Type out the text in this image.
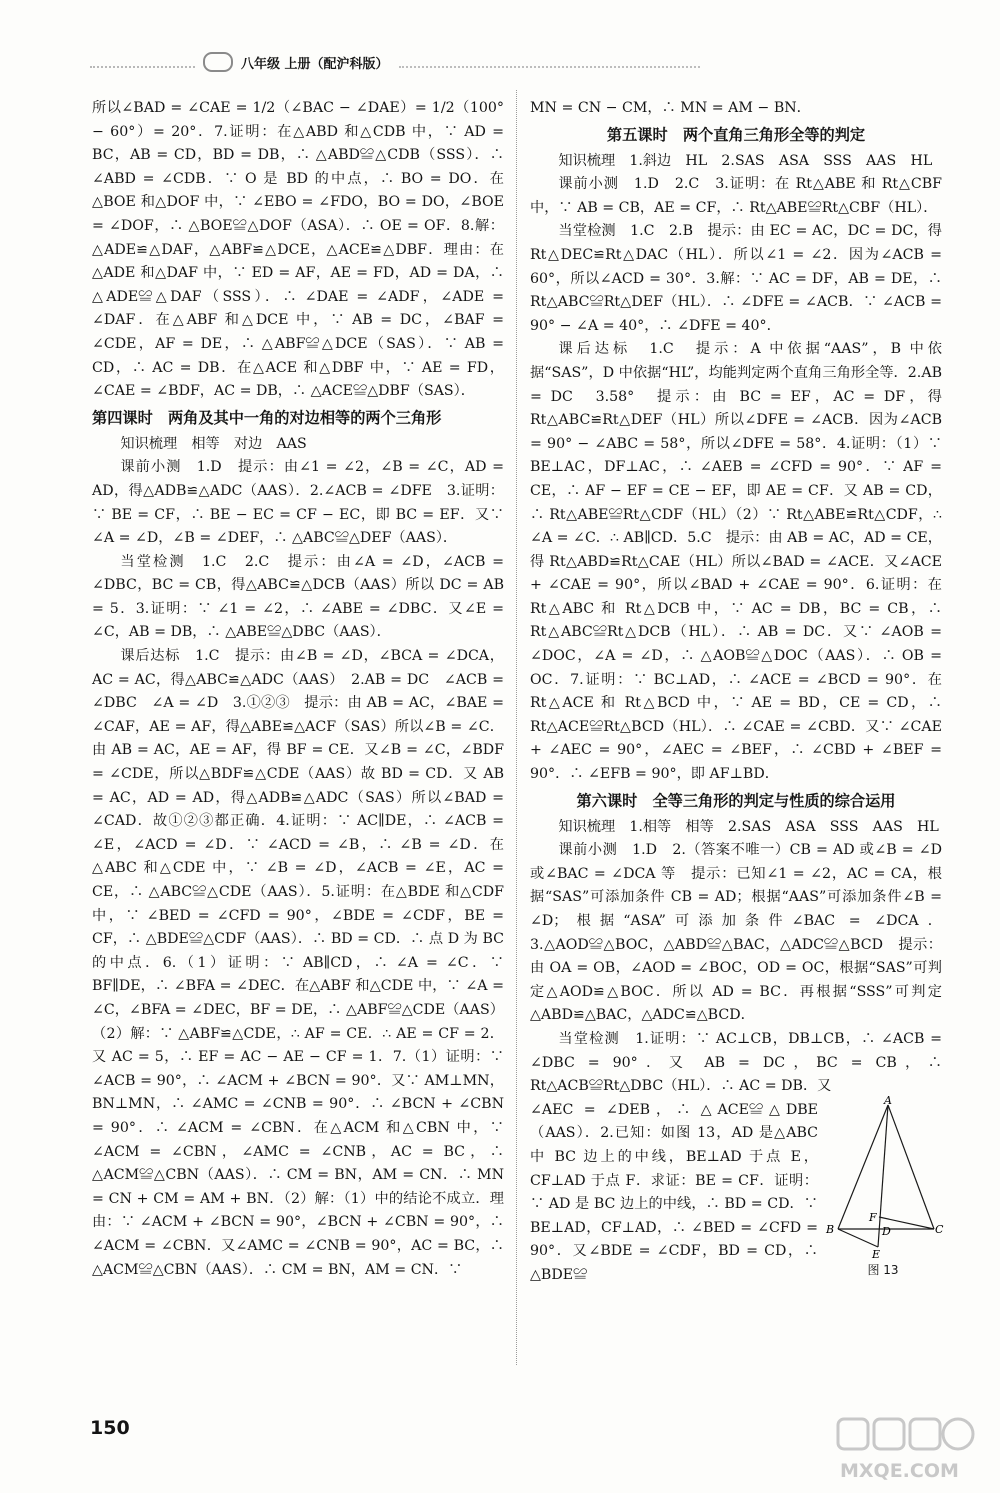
八年级 上册（配沪科版）

所以∠BAD = ∠CAE = 1/2（∠BAC − ∠DAE）= 1/2（100° − 60°）= 20°．7.证明：在△ABD 和△CDB 中，∵ AD = BC，AB = CD，BD = DB，∴ △ABD≌△CDB（SSS）．∴ ∠ABD = ∠CDB．∵ O 是 BD 的中点，∴ BO = DO．在△BOE 和△DOF 中，∵ ∠EBO = ∠FDO，BO = DO，∠BOE = ∠DOF，∴ △BOE≌△DOF（ASA）．∴ OE = OF．8.解：△ADE≌△DAF，△ABF≌△DCE，△ACE≌△DBF．理由：在△ADE 和△DAF 中，∵ ED = AF，AE = FD，AD = DA，∴ △ADE≌△DAF（SSS）．∴ ∠DAE = ∠ADF，∠ADE = ∠DAF．在△ABF 和△DCE 中，∵ AB = DC，∠BAF = ∠CDE，AF = DE，∴ △ABF≌△DCE（SAS）．∵ AB = CD，∴ AC = DB．在△ACE 和△DBF 中，∵ AE = FD，∠CAE = ∠BDF，AC = DB，∴ △ACE≌△DBF（SAS）．

第四课时　两角及其中一角的对边相等的两个三角形

知识梳理　相等　对边　AAS

课前小测　1.D　提示：由∠1 = ∠2，∠B = ∠C，AD = AD，得△ADB≌△ADC（AAS）．2.∠ACB = ∠DFE　3.证明：∵ BE = CF，∴ BE − EC = CF − EC，即 BC = EF．又∵ ∠A = ∠D，∠B = ∠DEF，∴ △ABC≌△DEF（AAS）．

当堂检测　1.C　2.C　提示：由∠A = ∠D，∠ACB = ∠DBC，BC = CB，得△ABC≌△DCB（AAS）所以 DC = AB = 5．3.证明：∵ ∠1 = ∠2，∴ ∠ABE = ∠DBC．又∠E = ∠C，AB = DB，∴ △ABE≌△DBC（AAS）．

课后达标　1.C　提示：由∠B = ∠D，∠BCA = ∠DCA，AC = AC，得△ABC≌△ADC（AAS）　2.AB = DC　∠ACB = ∠DBC　∠A = ∠D　3.①②③　提示：由 AB = AC，∠BAE = ∠CAF，AE = AF，得△ABE≌△ACF（SAS）所以∠B = ∠C．由 AB = AC，AE = AF，得 BF = CE．又∠B = ∠C，∠BDF = ∠CDE，所以△BDF≌△CDE（AAS）故 BD = CD．又 AB = AC，AD = AD，得△ADB≌△ADC（SAS）所以∠BAD = ∠CAD．故①②③都正确．4.证明：∵ AC∥DE，∴ ∠ACB = ∠E，∠ACD = ∠D．∵ ∠ACD = ∠B，∴ ∠B = ∠D．在△ABC 和△CDE 中，∵ ∠B = ∠D，∠ACB = ∠E，AC = CE，∴ △ABC≌△CDE（AAS）．5.证明：在△BDE 和△CDF 中，∵ ∠BED = ∠CFD = 90°，∠BDE = ∠CDF，BE = CF，∴ △BDE≌△CDF（AAS）．∴ BD = CD．∴ 点 D 为 BC 的中点．6.（1）证明：∵ AB∥CD，∴ ∠A = ∠C．∵ BF∥DE，∴ ∠BFA = ∠DEC．在△ABF 和△CDE 中，∵ ∠A = ∠C，∠BFA = ∠DEC，BF = DE，∴ △ABF≌△CDE（AAS）（2）解：∵ △ABF≌△CDE，∴ AF = CE．∴ AE = CF = 2．又 AC = 5，∴ EF = AC − AE − CF = 1．7.（1）证明：∵ ∠ACB = 90°，∴ ∠ACM + ∠BCN = 90°．又∵ AM⊥MN，BN⊥MN，∴ ∠AMC = ∠CNB = 90°．∴ ∠BCN + ∠CBN = 90°．∴ ∠ACM = ∠CBN．在△ACM 和△CBN 中，∵ ∠ACM = ∠CBN，∠AMC = ∠CNB，AC = BC，∴ △ACM≌△CBN（AAS）．∴ CM = BN，AM = CN．∴ MN = CN + CM = AM + BN．（2）解：（1）中的结论不成立．理由：∵ ∠ACM + ∠BCN = 90°，∠BCN + ∠CBN = 90°，∴ ∠ACM = ∠CBN．又∠AMC = ∠CNB = 90°，AC = BC，∴ △ACM≌△CBN（AAS）．∴ CM = BN，AM = CN．∵

MN = CN − CM，∴ MN = AM − BN．

第五课时　两个直角三角形全等的判定

知识梳理　1.斜边　HL　2.SAS　ASA　SSS　AAS　HL

课前小测　1.D　2.C　3.证明：在 Rt△ABE 和 Rt△CBF 中，∵ AB = CB，AE = CF，∴ Rt△ABE≌Rt△CBF（HL）．

当堂检测　1.C　2.B　提示：由 EC = AC，DC = DC，得 Rt△DEC≌Rt△DAC（HL）．所以∠1 = ∠2．因为∠ACB = 60°，所以∠ACD = 30°．3.解：∵ AC = DF，AB = DE，∴ Rt△ABC≌Rt△DEF（HL）．∴ ∠DFE = ∠ACB．∵ ∠ACB = 90° − ∠A = 40°，∴ ∠DFE = 40°．

课后达标　1.C　提示：A 中依据“AAS”，B 中依据“SAS”，D 中依据“HL”，均能判定两个直角三角形全等．2.AB = DC　3.58°　提示：由 BC = EF，AC = DF，得 Rt△ABC≌Rt△DEF（HL）所以∠DFE = ∠ACB．因为∠ACB = 90° − ∠ABC = 58°，所以∠DFE = 58°．4.证明：（1）∵ BE⊥AC，DF⊥AC，∴ ∠AEB = ∠CFD = 90°．∵ AF = CE，∴ AF − EF = CE − EF，即 AE = CF．又 AB = CD，∴ Rt△ABE≌Rt△CDF（HL）（2）∵ Rt△ABE≌Rt△CDF，∴ ∠A = ∠C．∴ AB∥CD．5.C　提示：由 AB = AC，AD = CE，得 Rt△ABD≌Rt△CAE（HL）所以∠BAD = ∠ACE．又∠ACE + ∠CAE = 90°，所以∠BAD + ∠CAE = 90°．6.证明：在 Rt△ABC 和 Rt△DCB 中，∵ AC = DB，BC = CB，∴ Rt△ABC≌Rt△DCB（HL）．∴ AB = DC．又∵ ∠AOB = ∠DOC，∠A = ∠D，∴ △AOB≌△DOC（AAS）．∴ OB = OC．7.证明：∵ BC⊥AD，∴ ∠ACE = ∠BCD = 90°．在 Rt△ACE 和 Rt△BCD 中，∵ AE = BD，CE = CD，∴ Rt△ACE≌Rt△BCD（HL）．∴ ∠CAE = ∠CBD．又∵ ∠CAE + ∠AEC = 90°，∠AEC = ∠BEF，∴ ∠CBD + ∠BEF = 90°．∴ ∠EFB = 90°，即 AF⊥BD．

第六课时　全等三角形的判定与性质的综合运用

知识梳理　1.相等　相等　2.SAS　ASA　SSS　AAS　HL

课前小测　1.D　2.（答案不唯一）CB = AD 或∠B = ∠D 或∠BAC = ∠DCA 等　提示：已知∠1 = ∠2，AC = CA，根据“SAS”可添加条件 CB = AD；根据“AAS”可添加条件∠B = ∠D；根据“ASA”可添加条件∠BAC = ∠DCA．3.△AOD≌△BOC，△ABD≌△BAC，△ADC≌△BCD　提示：由 OA = OB，∠AOD = ∠BOC，OD = OC，根据“SAS”可判定△AOD≌△BOC．所以 AD = BC．再根据“SSS”可判定△ABD≌△BAC，△ADC≌△BCD．

当堂检测　1.证明：∵ AC⊥CB，DB⊥CB，∴ ∠ACB = ∠DBC = 90°．又 AB = DC，BC = CB，∴ Rt△ACB≌Rt△DBC（HL）．∴ AC = DB．又

A
B	C
D
E
F
图 13

∠AEC = ∠DEB，∴ △ACE≌△DBE（AAS）．2.已知：如图 13，AD 是△ABC 中 BC 边上的中线，BE⊥AD 于点 E，CF⊥AD 于点 F．求证：BE = CF．证明：∵ AD 是 BC 边上的中线，∴ BD = CD．∵ BE⊥AD，CF⊥AD，∴ ∠BED = ∠CFD = 90°．又∠BDE = ∠CDF，BD = CD，∴ △BDE≌

150
MXQE.COM
